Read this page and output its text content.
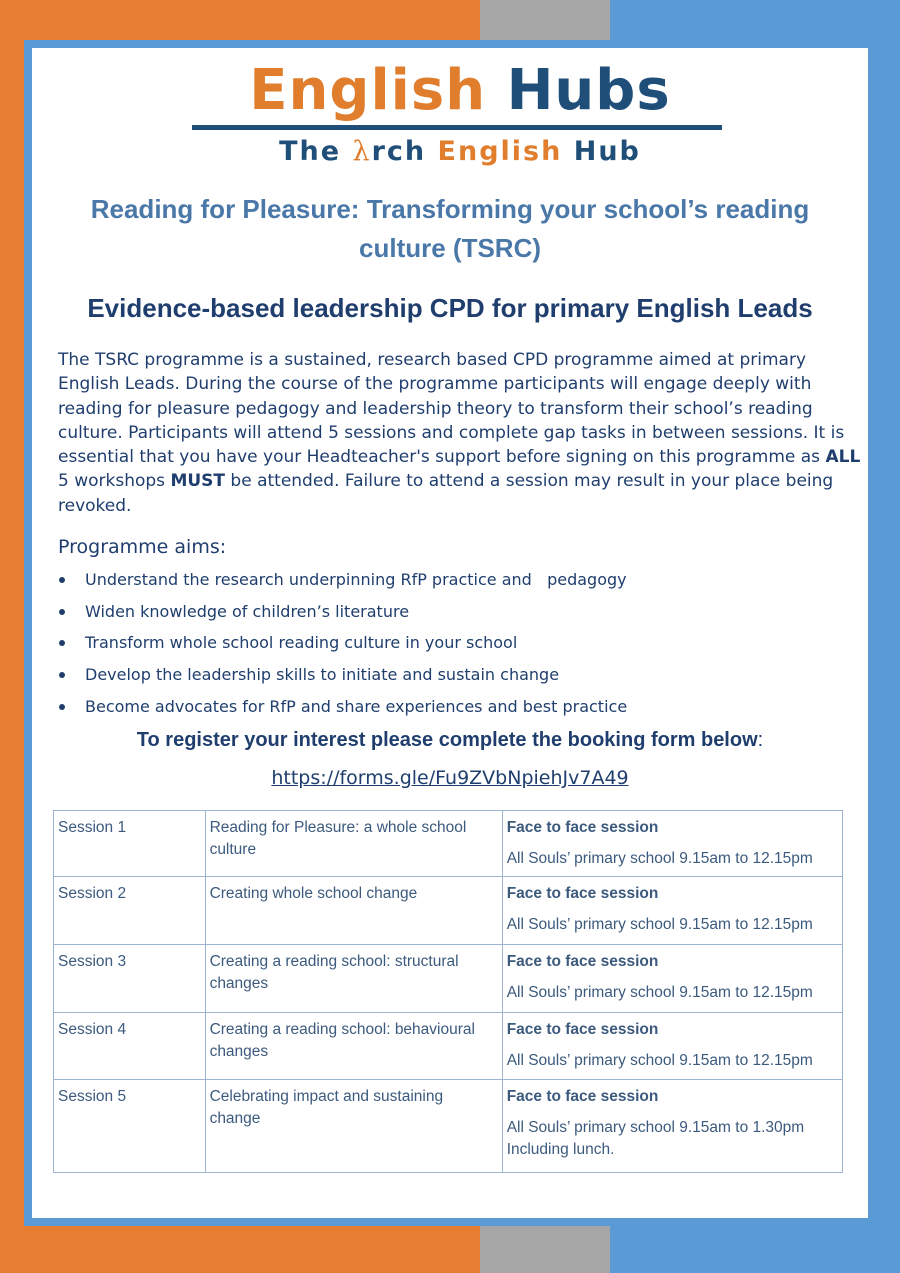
English Hubs
The λrch English Hub
Reading for Pleasure: Transforming your school’s reading culture (TSRC)
Evidence-based leadership CPD for primary English Leads
The TSRC programme is a sustained, research based CPD programme aimed at primary English Leads. During the course of the programme participants will engage deeply with reading for pleasure pedagogy and leadership theory to transform their school’s reading culture. Participants will attend 5 sessions and complete gap tasks in between sessions. It is essential that you have your Headteacher's support before signing on this programme as ALL 5 workshops MUST be attended. Failure to attend a session may result in your place being revoked.
Programme aims:
Understand the research underpinning RfP practice and   pedagogy
Widen knowledge of children’s literature
Transform whole school reading culture in your school
Develop the leadership skills to initiate and sustain change
Become advocates for RfP and share experiences and best practice
To register your interest please complete the booking form below:
https://forms.gle/Fu9ZVbNpiehJv7A49
Session 1	Reading for Pleasure: a whole school culture	Face to face session
All Souls’ primary school 9.15am to 12.15pm

Session 2	Creating whole school change	Face to face session
All Souls’ primary school 9.15am to 12.15pm

Session 3	Creating a reading school: structural changes	Face to face session
All Souls’ primary school 9.15am to 12.15pm

Session 4	Creating a reading school: behavioural changes	Face to face session
All Souls’ primary school 9.15am to 12.15pm

Session 5	Celebrating impact and sustaining change	Face to face session
All Souls’ primary school 9.15am to 1.30pm Including lunch.
